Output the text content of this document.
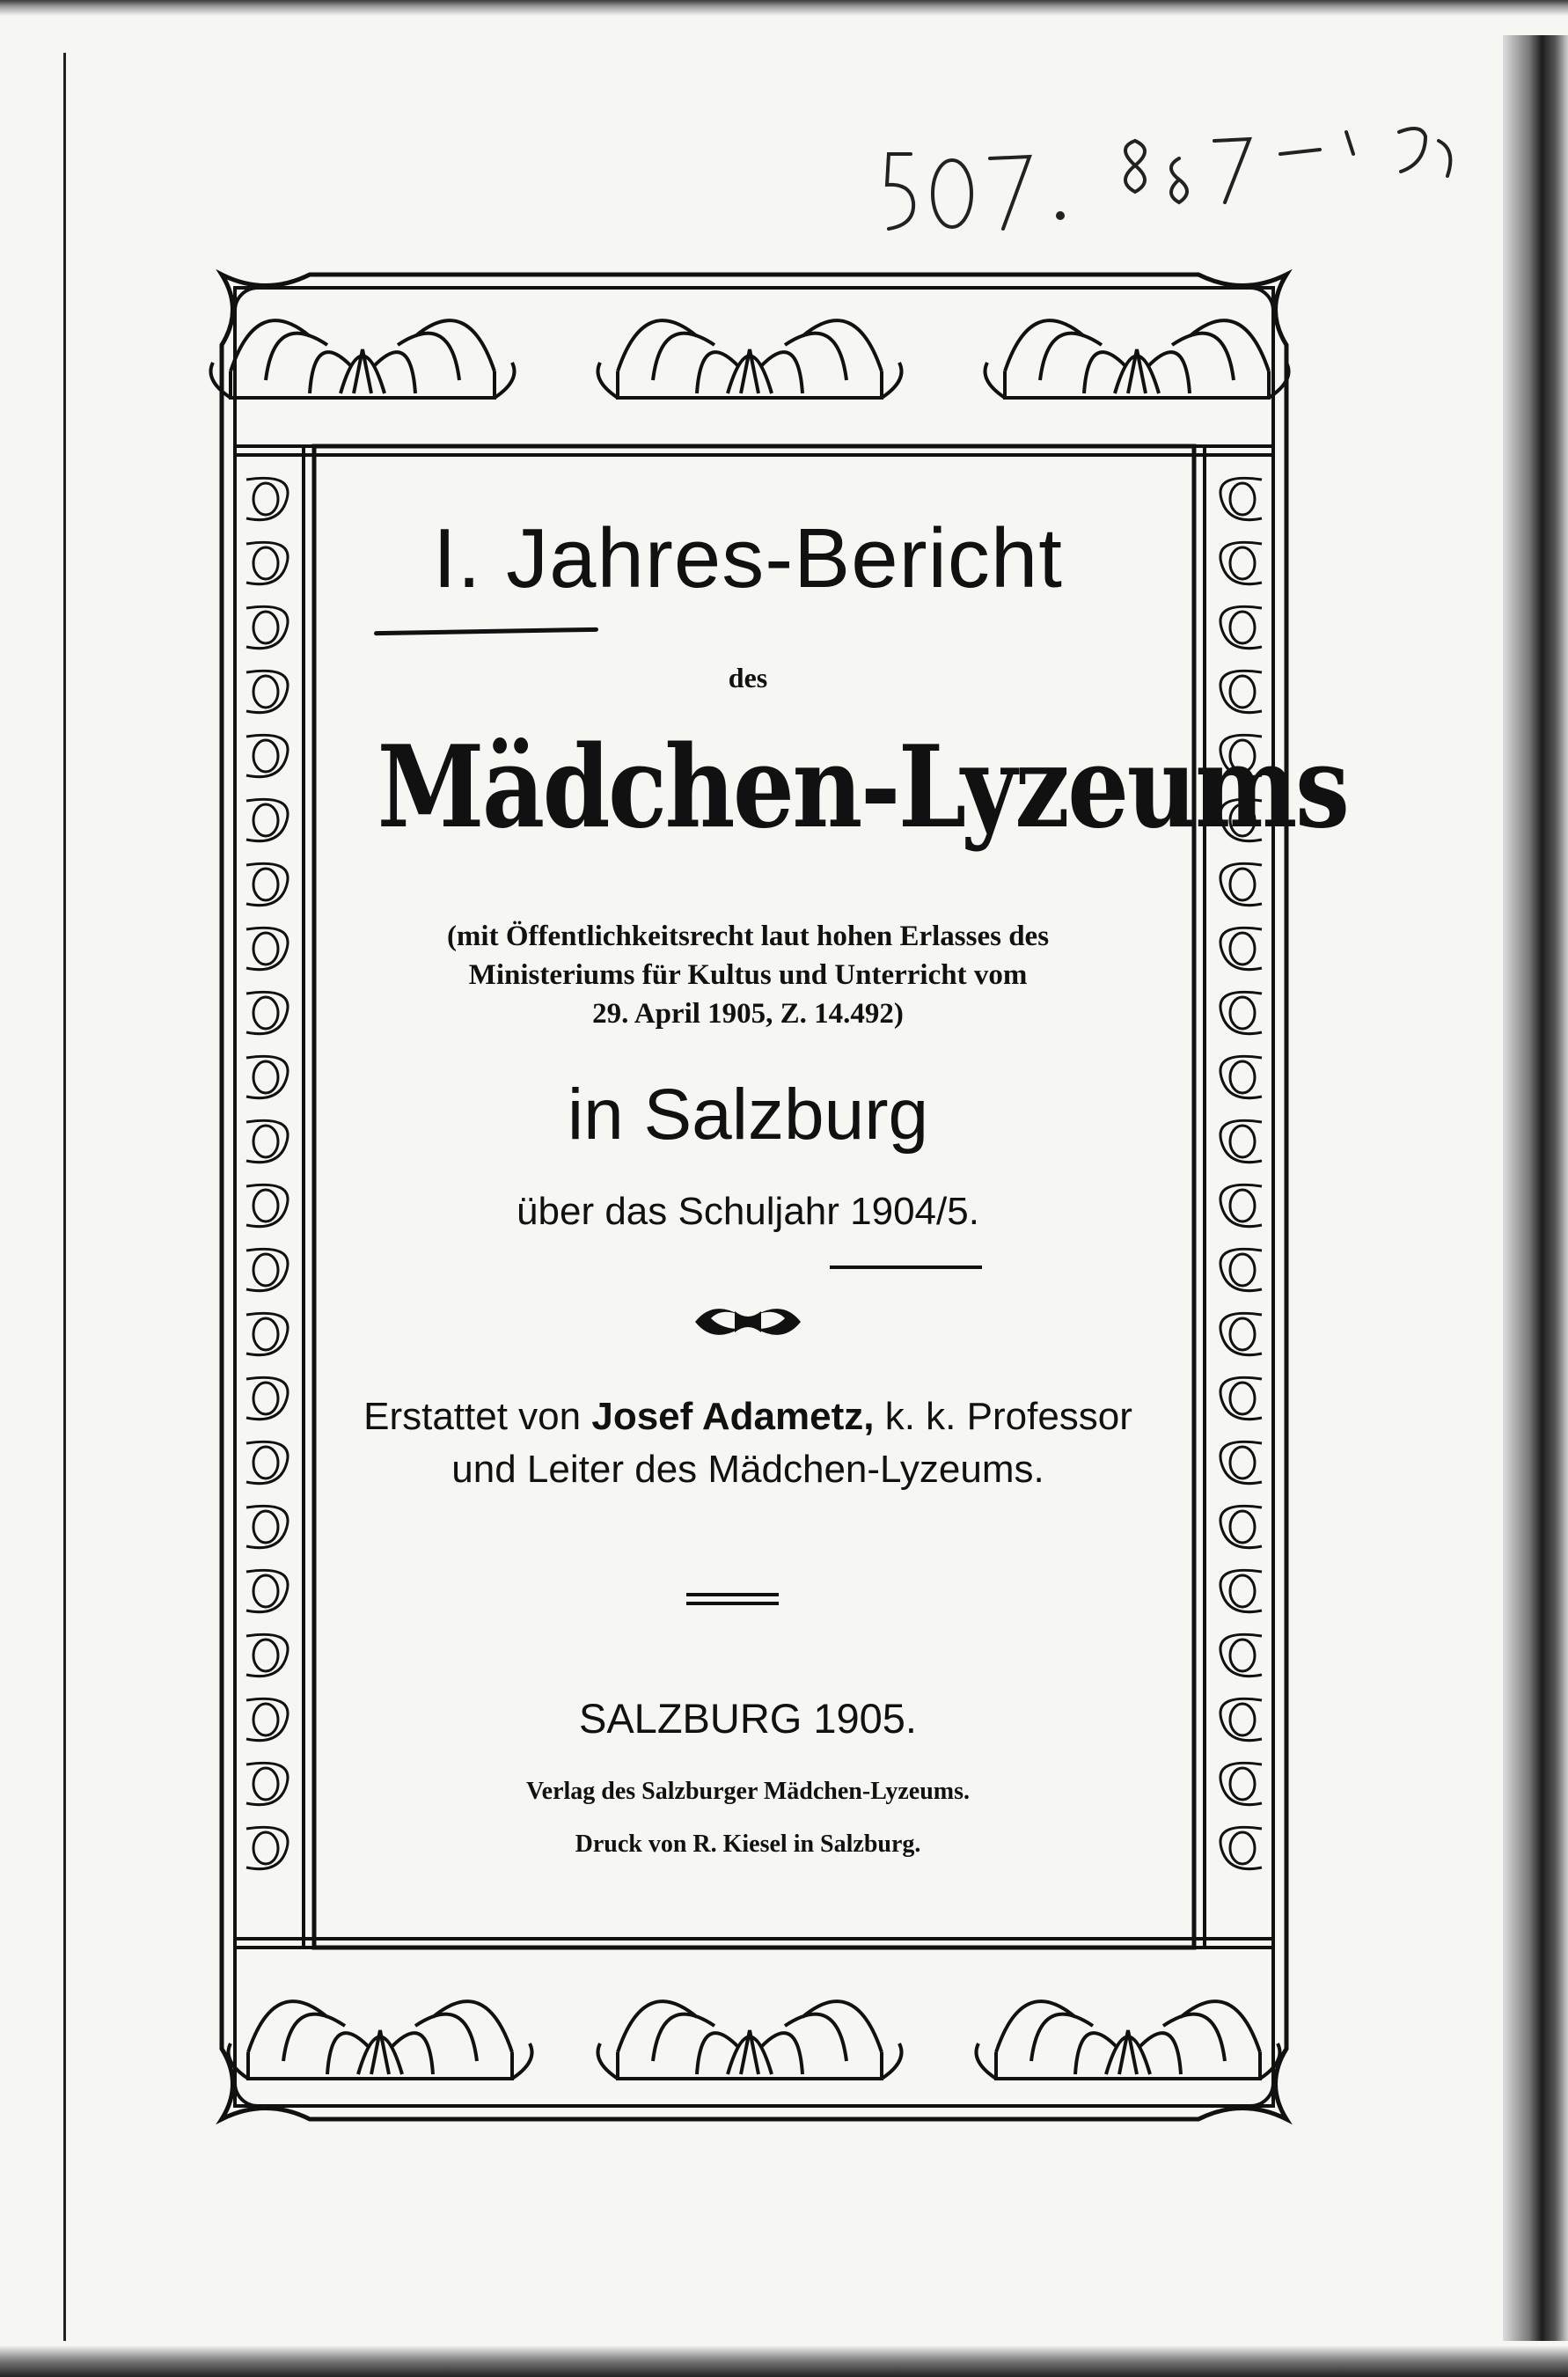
I. Jahres-Bericht
des
Mädchen-Lyzeums
(mit Öffentlichkeitsrecht laut hohen Erlasses des
Ministeriums für Kultus und Unterricht vom
29. April 1905, Z. 14.492)
in Salzburg
über das Schuljahr 1904/5.
Erstattet von Josef Adametz, k. k. Professor
und Leiter des Mädchen-Lyzeums.
SALZBURG 1905.
Verlag des Salzburger Mädchen-Lyzeums.
Druck von R. Kiesel in Salzburg.
